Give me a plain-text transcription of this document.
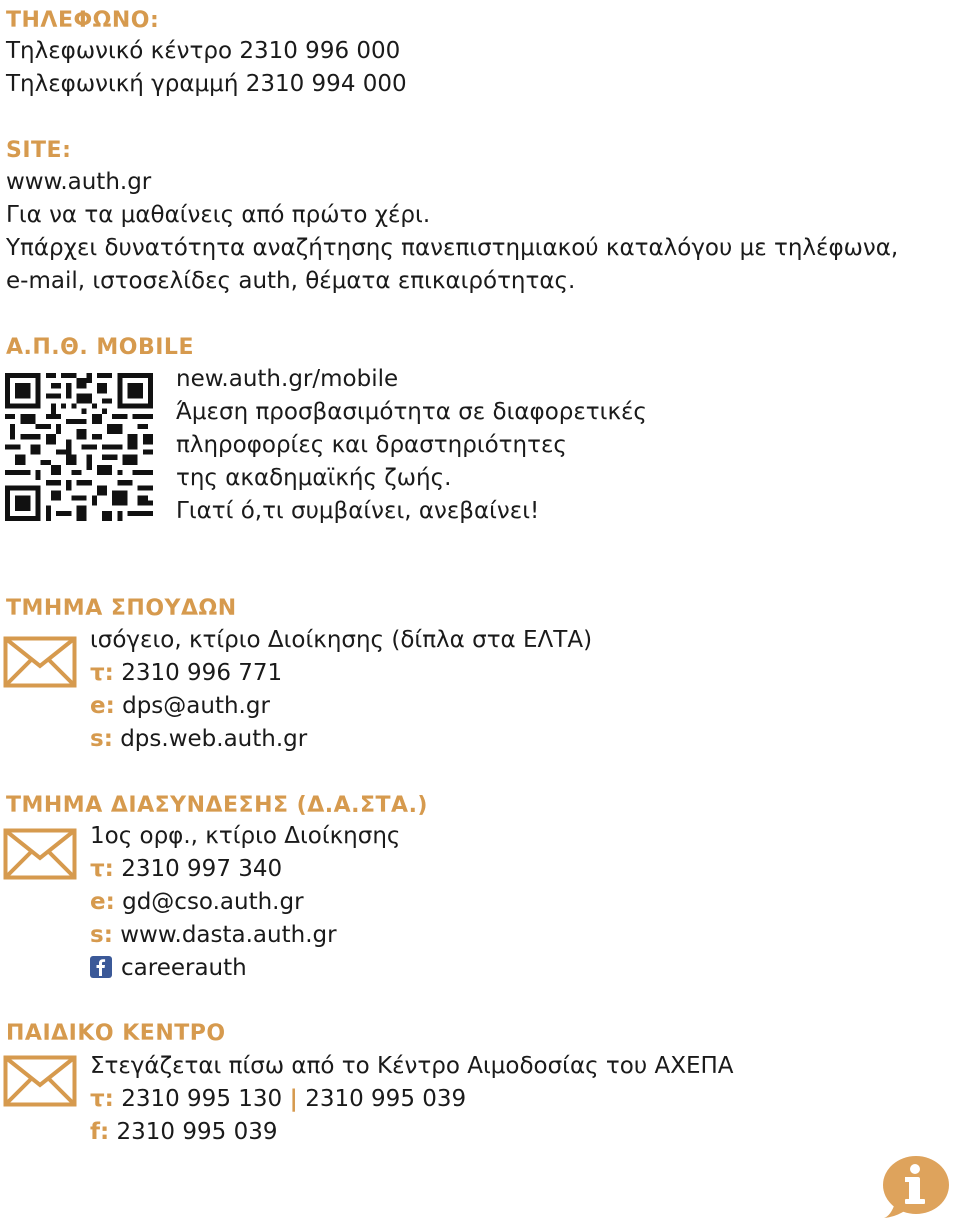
ΤΗΛΕΦΩΝΟ:
Τηλεφωνικό κέντρο 2310 996 000
Τηλεφωνική γραμμή 2310 994 000
SITE:
www.auth.gr
Για να τα μαθαίνεις από πρώτο χέρι.
Υπάρχει δυνατότητα αναζήτησης πανεπιστημιακού καταλόγου με τηλέφωνα,
e-mail, ιστοσελίδες auth, θέματα επικαιρότητας.
Α.Π.Θ. MOBILE
new.auth.gr/mobile
Άμεση προσβασιμότητα σε διαφορετικές
πληροφορίες και δραστηριότητες
της ακαδημαϊκής ζωής.
Γιατί ό,τι συμβαίνει, ανεβαίνει!
ΤΜΗΜΑ ΣΠΟΥΔΩΝ
ισόγειο, κτίριο Διοίκησης (δίπλα στα ΕΛΤΑ)
τ: 2310 996 771
e: dps@auth.gr
s: dps.web.auth.gr
ΤΜΗΜΑ ΔΙΑΣΥΝΔΕΣΗΣ (Δ.Α.ΣΤΑ.)
1ος ορφ., κτίριο Διοίκησης
τ: 2310 997 340
e: gd@cso.auth.gr
s: www.dasta.auth.gr
careerauth
ΠΑΙΔΙΚΟ ΚΕΝΤΡΟ
Στεγάζεται πίσω από το Κέντρο Αιμοδοσίας του ΑΧΕΠΑ
τ: 2310 995 130 | 2310 995 039
f: 2310 995 039
